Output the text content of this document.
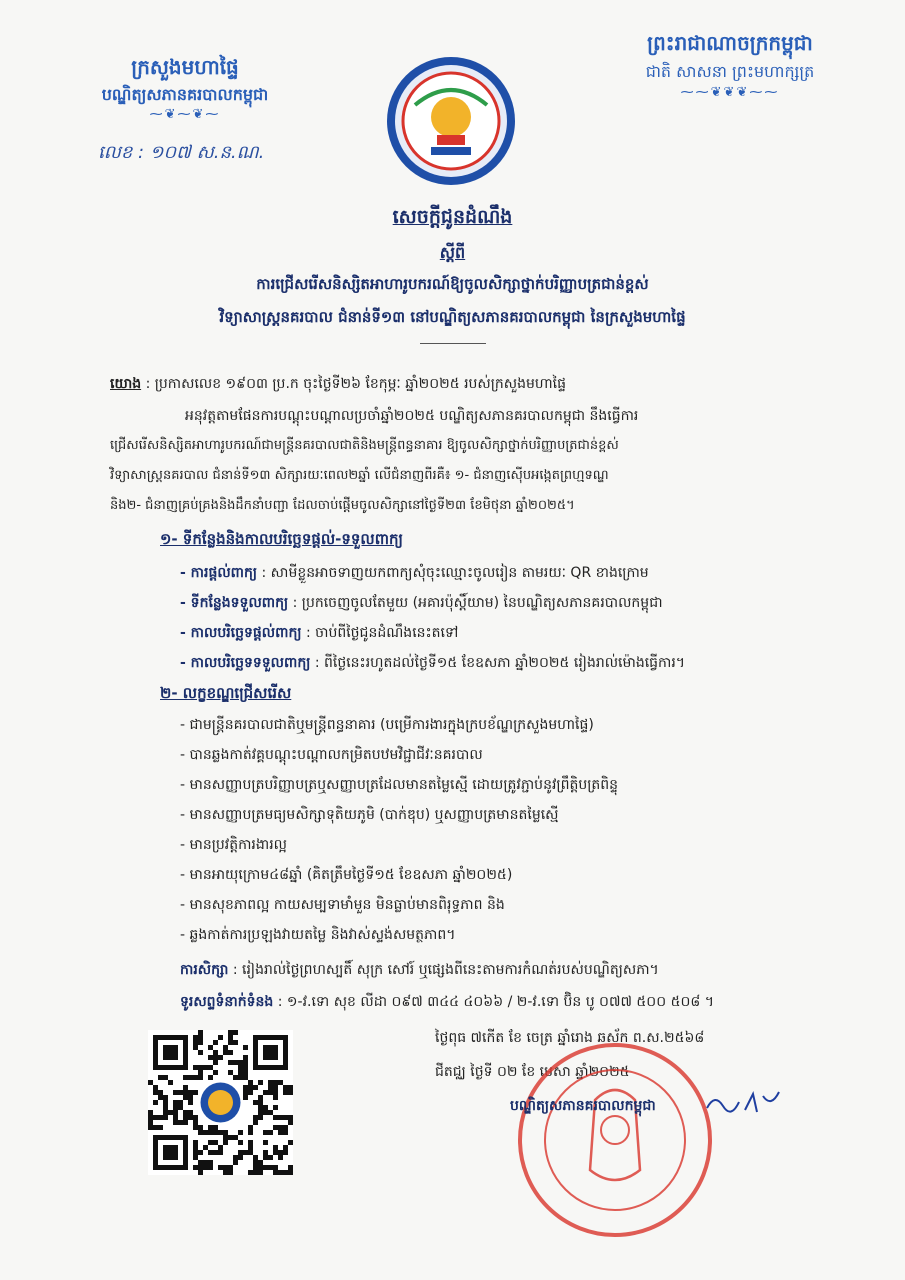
ក្រសួងមហាផ្ទៃ
បណ្ឌិត្យសភានគរបាលកម្ពុជា
⁓❦⁓❦⁓
លេខ : ១០៧ ស.ន.ណ.
ព្រះរាជាណាចក្រកម្ពុជា
ជាតិ សាសនា ព្រះមហាក្សត្រ
⁓⁓❦❦❦⁓⁓
សេចក្តីជូនដំណឹង
ស្តីពី
ការជ្រើសរើសនិស្សិតអាហារូបករណ៍ឱ្យចូលសិក្សាថ្នាក់បរិញ្ញាបត្រជាន់ខ្ពស់
វិទ្យាសាស្ត្រនគរបាល ជំនាន់ទី១៣ នៅបណ្ឌិត្យសភានគរបាលកម្ពុជា នៃក្រសួងមហាផ្ទៃ
យោង : ប្រកាសលេខ ១៩០៣ ប្រ.ក ចុះថ្ងៃទី២៦ ខែកុម្ភៈ ឆ្នាំ២០២៥ របស់ក្រសួងមហាផ្ទៃ
អនុវត្តតាមផែនការបណ្តុះបណ្តាលប្រចាំឆ្នាំ២០២៥ បណ្ឌិត្យសភានគរបាលកម្ពុជា នឹងធ្វើការ
ជ្រើសរើសនិស្សិតអាហារូបករណ៍ជាមន្ត្រីនគរបាលជាតិនិងមន្ត្រីពន្ធនាគារ ឱ្យចូលសិក្សាថ្នាក់បរិញ្ញាបត្រជាន់ខ្ពស់
វិទ្យាសាស្ត្រនគរបាល ជំនាន់ទី១៣ សិក្សារយៈពេល២ឆ្នាំ លើជំនាញពីរគឺ៖ ១- ជំនាញស៊ើបអង្កេតព្រហ្មទណ្ឌ
និង២- ជំនាញគ្រប់គ្រងនិងដឹកនាំបញ្ជា ដែលចាប់ផ្តើមចូលសិក្សានៅថ្ងៃទី២៣ ខែមិថុនា ឆ្នាំ២០២៥។
១- ទីកន្លែងនិងកាលបរិច្ឆេទផ្តល់-ទទួលពាក្យ
- ការផ្តល់ពាក្យ : សាមីខ្លួនអាចទាញយកពាក្យសុំចុះឈ្មោះចូលរៀន តាមរយៈ QR ខាងក្រោម
- ទីកន្លែងទទួលពាក្យ : ប្រកចេញចូលតែមួយ (អគារប៉ុស្តិ៍យាម) នៃបណ្ឌិត្យសភានគរបាលកម្ពុជា
- កាលបរិច្ឆេទផ្តល់ពាក្យ : ចាប់ពីថ្ងៃជូនដំណឹងនេះតទៅ
- កាលបរិច្ឆេទទទួលពាក្យ : ពីថ្ងៃនេះរហូតដល់ថ្ងៃទី១៥ ខែឧសភា ឆ្នាំ២០២៥ រៀងរាល់ម៉ោងធ្វើការ។
២- លក្ខខណ្ឌជ្រើសរើស
- ជាមន្ត្រីនគរបាលជាតិឬមន្ត្រីពន្ធនាគារ (បម្រើការងារក្នុងក្របខ័ណ្ឌក្រសួងមហាផ្ទៃ)
- បានឆ្លងកាត់វគ្គបណ្តុះបណ្តាលកម្រិតបឋមវិជ្ជាជីវៈនគរបាល
- មានសញ្ញាបត្របរិញ្ញាបត្រឬសញ្ញាបត្រដែលមានតម្លៃស្មើ ដោយត្រូវភ្ជាប់នូវព្រឹត្តិបត្រពិន្ទុ
- មានសញ្ញាបត្រមធ្យមសិក្សាទុតិយភូមិ (បាក់ឌុប) ឬសញ្ញាបត្រមានតម្លៃស្មើ
- មានប្រវត្តិការងារល្អ
- មានអាយុក្រោម៤៨ឆ្នាំ (គិតត្រឹមថ្ងៃទី១៥ ខែឧសភា ឆ្នាំ២០២៥)
- មានសុខភាពល្អ កាយសម្បទាមាំមួន មិនធ្លាប់មានពិរុទ្ធភាព និង
- ឆ្លងកាត់ការប្រឡងវាយតម្លៃ និងវាស់ស្ទង់សមត្ថភាព។
ការសិក្សា : រៀងរាល់ថ្ងៃព្រហស្បតិ៍ សុក្រ សៅរ៍ ឬផ្សេងពីនេះតាមការកំណត់របស់បណ្ឌិត្យសភា។
ទូរសព្ទទំនាក់ទំនង : ១-វ.ទោ សុខ លីដា ០៩៧ ៣៤៤ ៤០៦៦ / ២-វ.ទោ ប៊ិន បូ ០៧៧ ៥០០ ៥០៨ ។
ថ្ងៃពុធ ៧កើត ខែ ចេត្រ ឆ្នាំរោង ឆស័ក ព.ស.២៥៦៨
ជីតជ្ឈ ថ្ងៃទី ០២ ខែ មេសា ឆ្នាំ២០២៥
បណ្ឌិត្យសភានគរបាលកម្ពុជា
